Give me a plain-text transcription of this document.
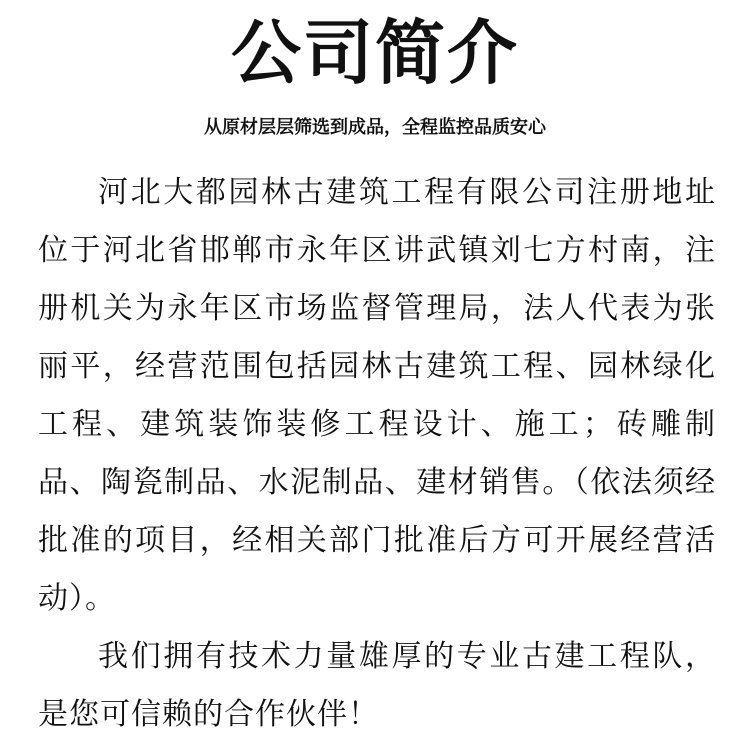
公司简介
从原材层层筛选到成品，全程监控品质安心

河北大都园林古建筑工程有限公司注册地址位于河北省邯郸市永年区讲武镇刘七方村南，注册机关为永年区市场监督管理局，法人代表为张丽平，经营范围包括园林古建筑工程、园林绿化工程、建筑装饰装修工程设计、施工；砖雕制品、陶瓷制品、水泥制品、建材销售。（依法须经批准的项目，经相关部门批准后方可开展经营活动）。

我们拥有技术力量雄厚的专业古建工程队，是您可信赖的合作伙伴！
